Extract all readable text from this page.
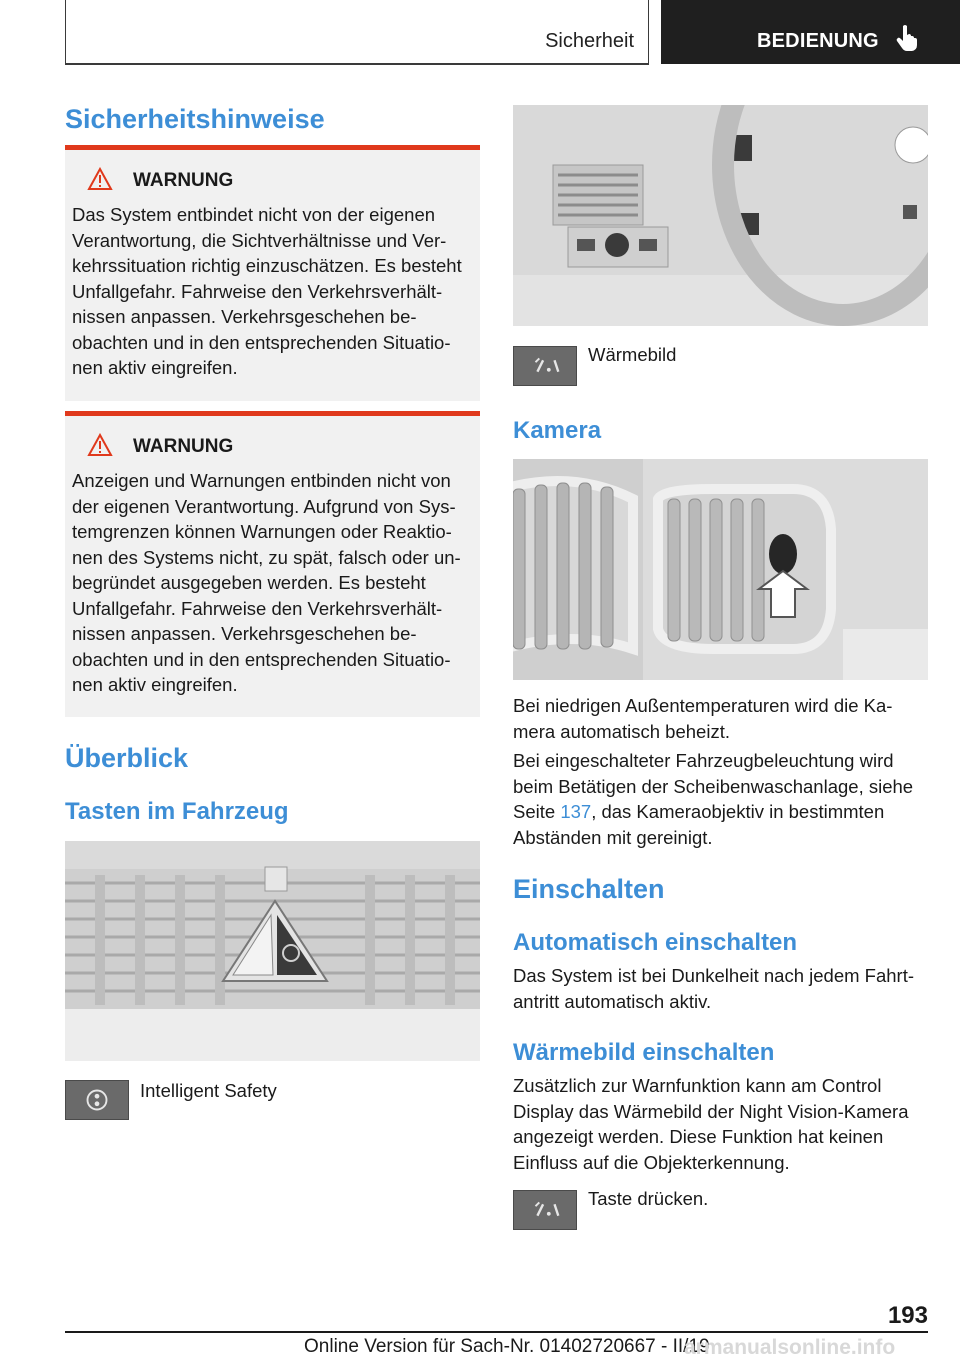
Sicherheit	BEDIENUNG
Sicherheitshinweise
WARNUNG
Das System entbindet nicht von der eigenen
Verantwortung, die Sichtverhältnisse und Ver-
kehrssituation richtig einzuschätzen. Es besteht
Unfallgefahr. Fahrweise den Verkehrsverhält-
nissen anpassen. Verkehrsgeschehen be-
obachten und in den entsprechenden Situatio-
nen aktiv eingreifen.
WARNUNG
Anzeigen und Warnungen entbinden nicht von
der eigenen Verantwortung. Aufgrund von Sys-
temgrenzen können Warnungen oder Reaktio-
nen des Systems nicht, zu spät, falsch oder un-
begründet ausgegeben werden. Es besteht
Unfallgefahr. Fahrweise den Verkehrsverhält-
nissen anpassen. Verkehrsgeschehen be-
obachten und in den entsprechenden Situatio-
nen aktiv eingreifen.
Überblick
Tasten im Fahrzeug
Intelligent Safety
Wärmebild
Kamera
Bei niedrigen Außentemperaturen wird die Ka-
mera automatisch beheizt.
Bei eingeschalteter Fahrzeugbeleuchtung wird
beim Betätigen der Scheibenwaschanlage, siehe
Seite 137, das Kameraobjektiv in bestimmten
Abständen mit gereinigt.
Einschalten
Automatisch einschalten
Das System ist bei Dunkelheit nach jedem Fahrt-
antritt automatisch aktiv.
Wärmebild einschalten
Zusätzlich zur Warnfunktion kann am Control
Display das Wärmebild der Night Vision-Kamera
angezeigt werden. Diese Funktion hat keinen
Einfluss auf die Objekterkennung.
Taste drücken.
193
Online Version für Sach-Nr. 01402720667 - II/19
armanualsonline.info
